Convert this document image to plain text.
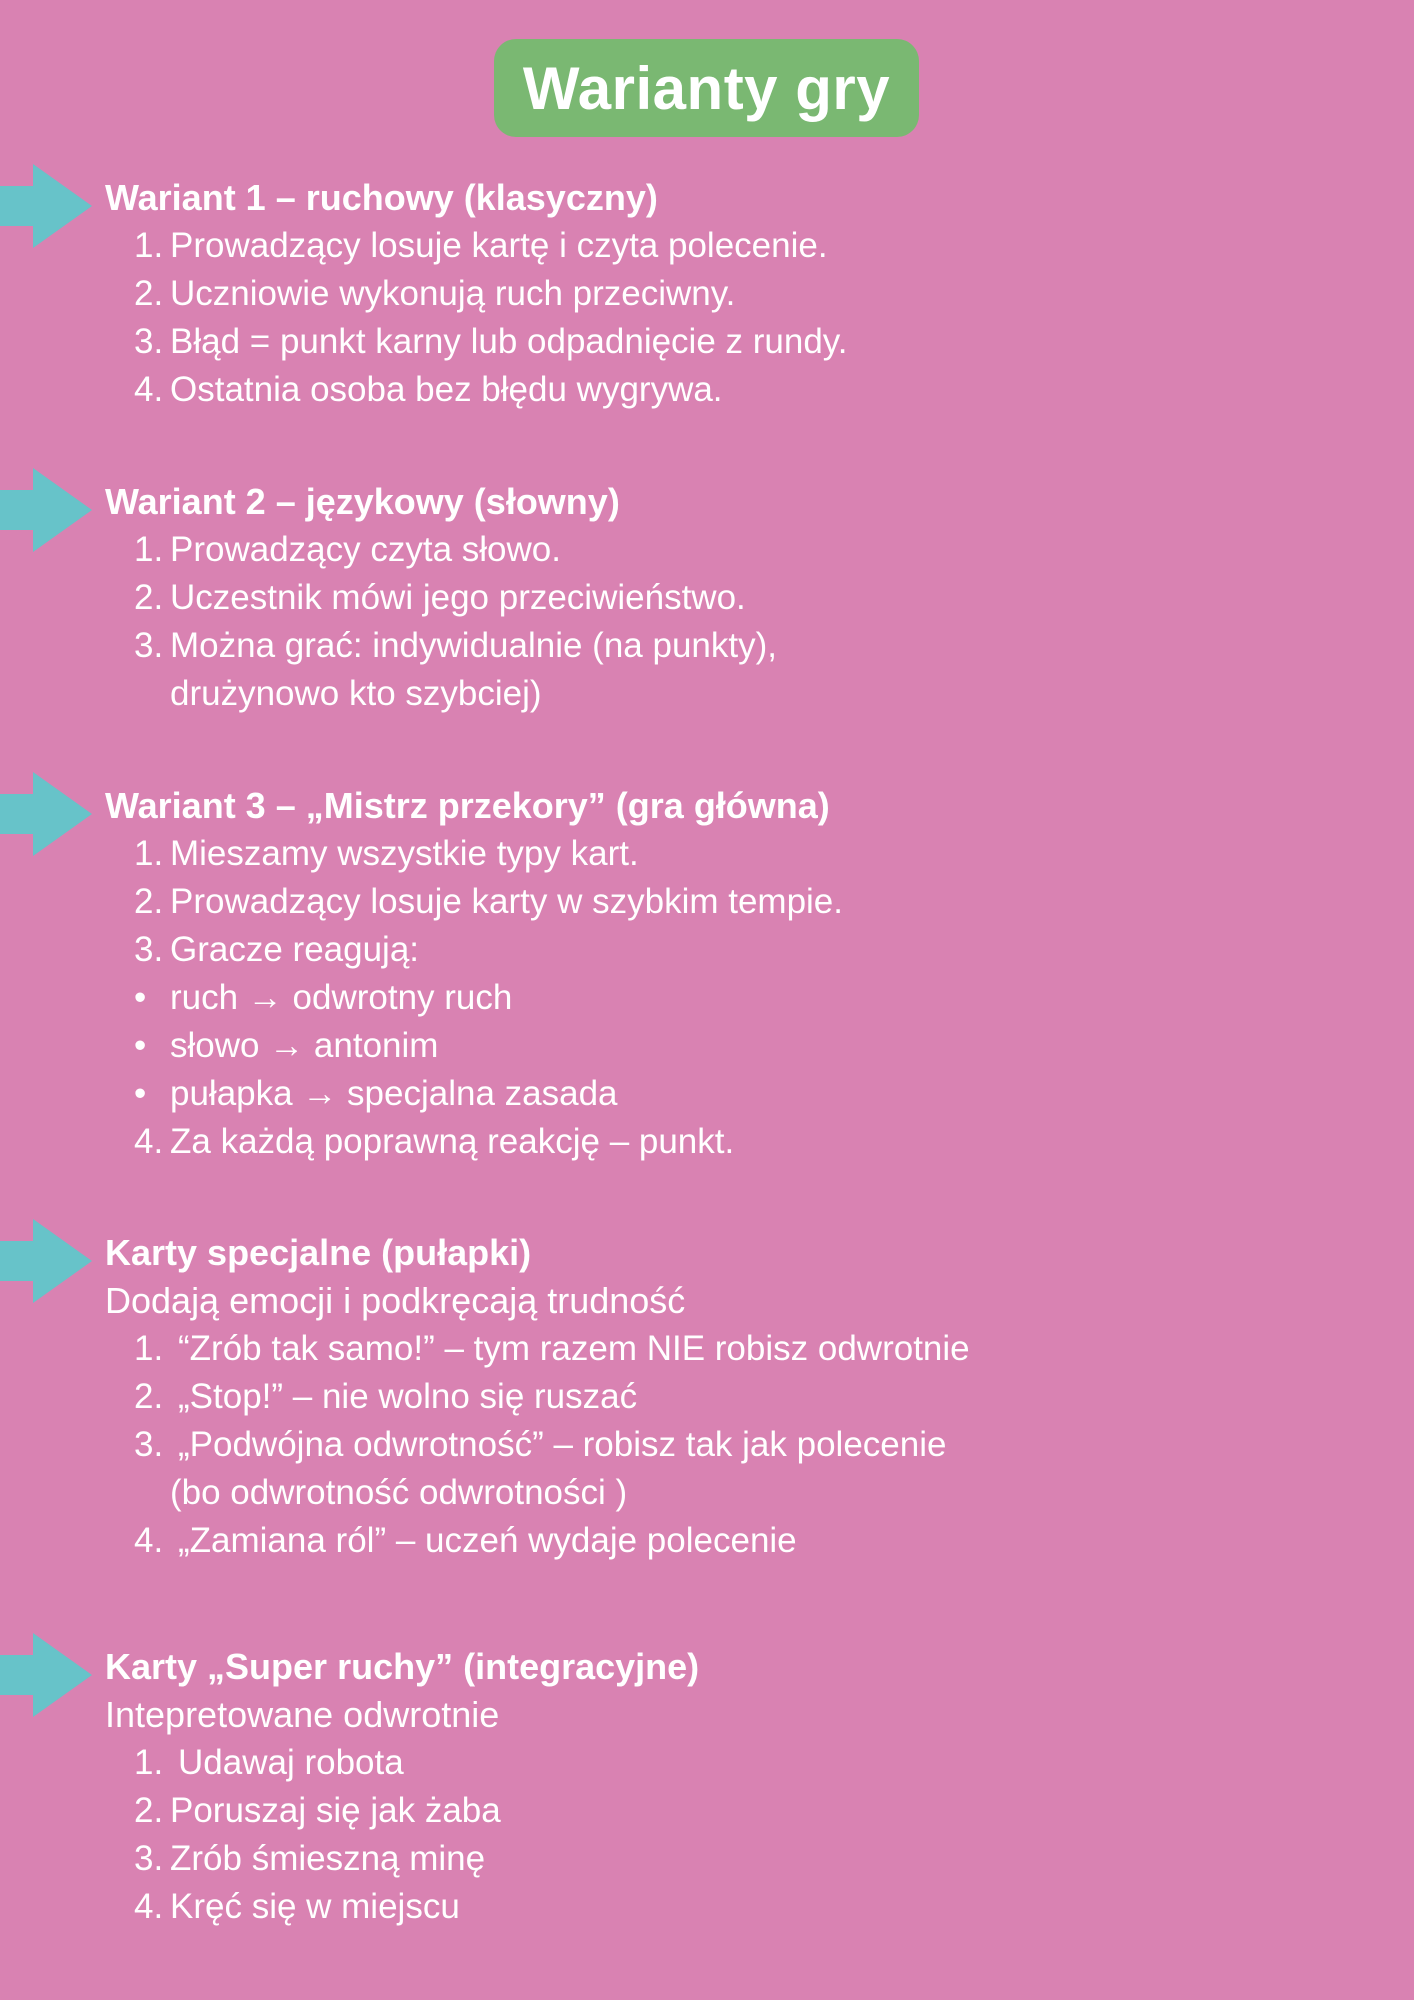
Warianty gry
Wariant 1 – ruchowy (klasyczny)
1. Prowadzący losuje kartę i czyta polecenie.
2. Uczniowie wykonują ruch przeciwny.
3. Błąd = punkt karny lub odpadnięcie z rundy.
4. Ostatnia osoba bez błędu wygrywa.
Wariant 2 – językowy (słowny)
1. Prowadzący czyta słowo.
2. Uczestnik mówi jego przeciwieństwo.
3. Można grać: indywidualnie (na punkty),
drużynowo kto szybciej)
Wariant 3 – „Mistrz przekory” (gra główna)
1. Mieszamy wszystkie typy kart.
2. Prowadzący losuje karty w szybkim tempie.
3. Gracze reagują:
• ruch → odwrotny ruch
• słowo → antonim
• pułapka → specjalna zasada
4. Za każdą poprawną reakcję – punkt.
Karty specjalne (pułapki)
Dodają emocji i podkręcają trudność
1. “Zrób tak samo!” – tym razem NIE robisz odwrotnie
2. „Stop!” – nie wolno się ruszać
3. „Podwójna odwrotność” – robisz tak jak polecenie
(bo odwrotność odwrotności )
4. „Zamiana ról” – uczeń wydaje polecenie
Karty „Super ruchy” (integracyjne)
Intepretowane odwrotnie
1. Udawaj robota
2. Poruszaj się jak żaba
3. Zrób śmieszną minę
4. Kręć się w miejscu
